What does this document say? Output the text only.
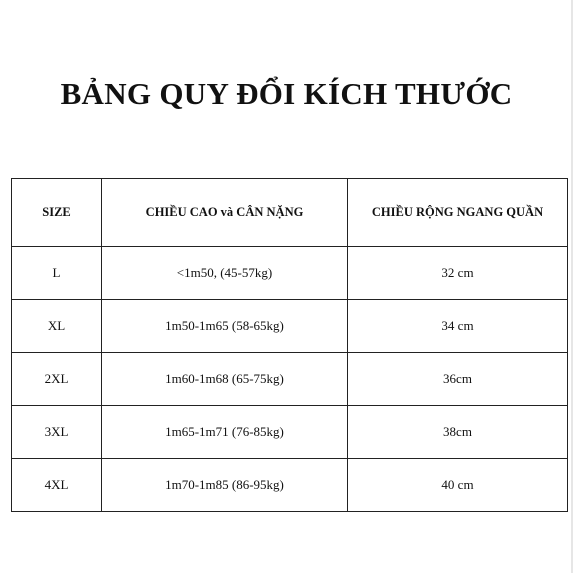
BẢNG QUY ĐỔI KÍCH THƯỚC
SIZE	CHIỀU CAO và CÂN NẶNG	CHIỀU RỘNG NGANG QUẦN
L	<1m50, (45-57kg)	32 cm
XL	1m50-1m65 (58-65kg)	34 cm
2XL	1m60-1m68 (65-75kg)	36cm
3XL	1m65-1m71 (76-85kg)	38cm
4XL	1m70-1m85 (86-95kg)	40 cm
